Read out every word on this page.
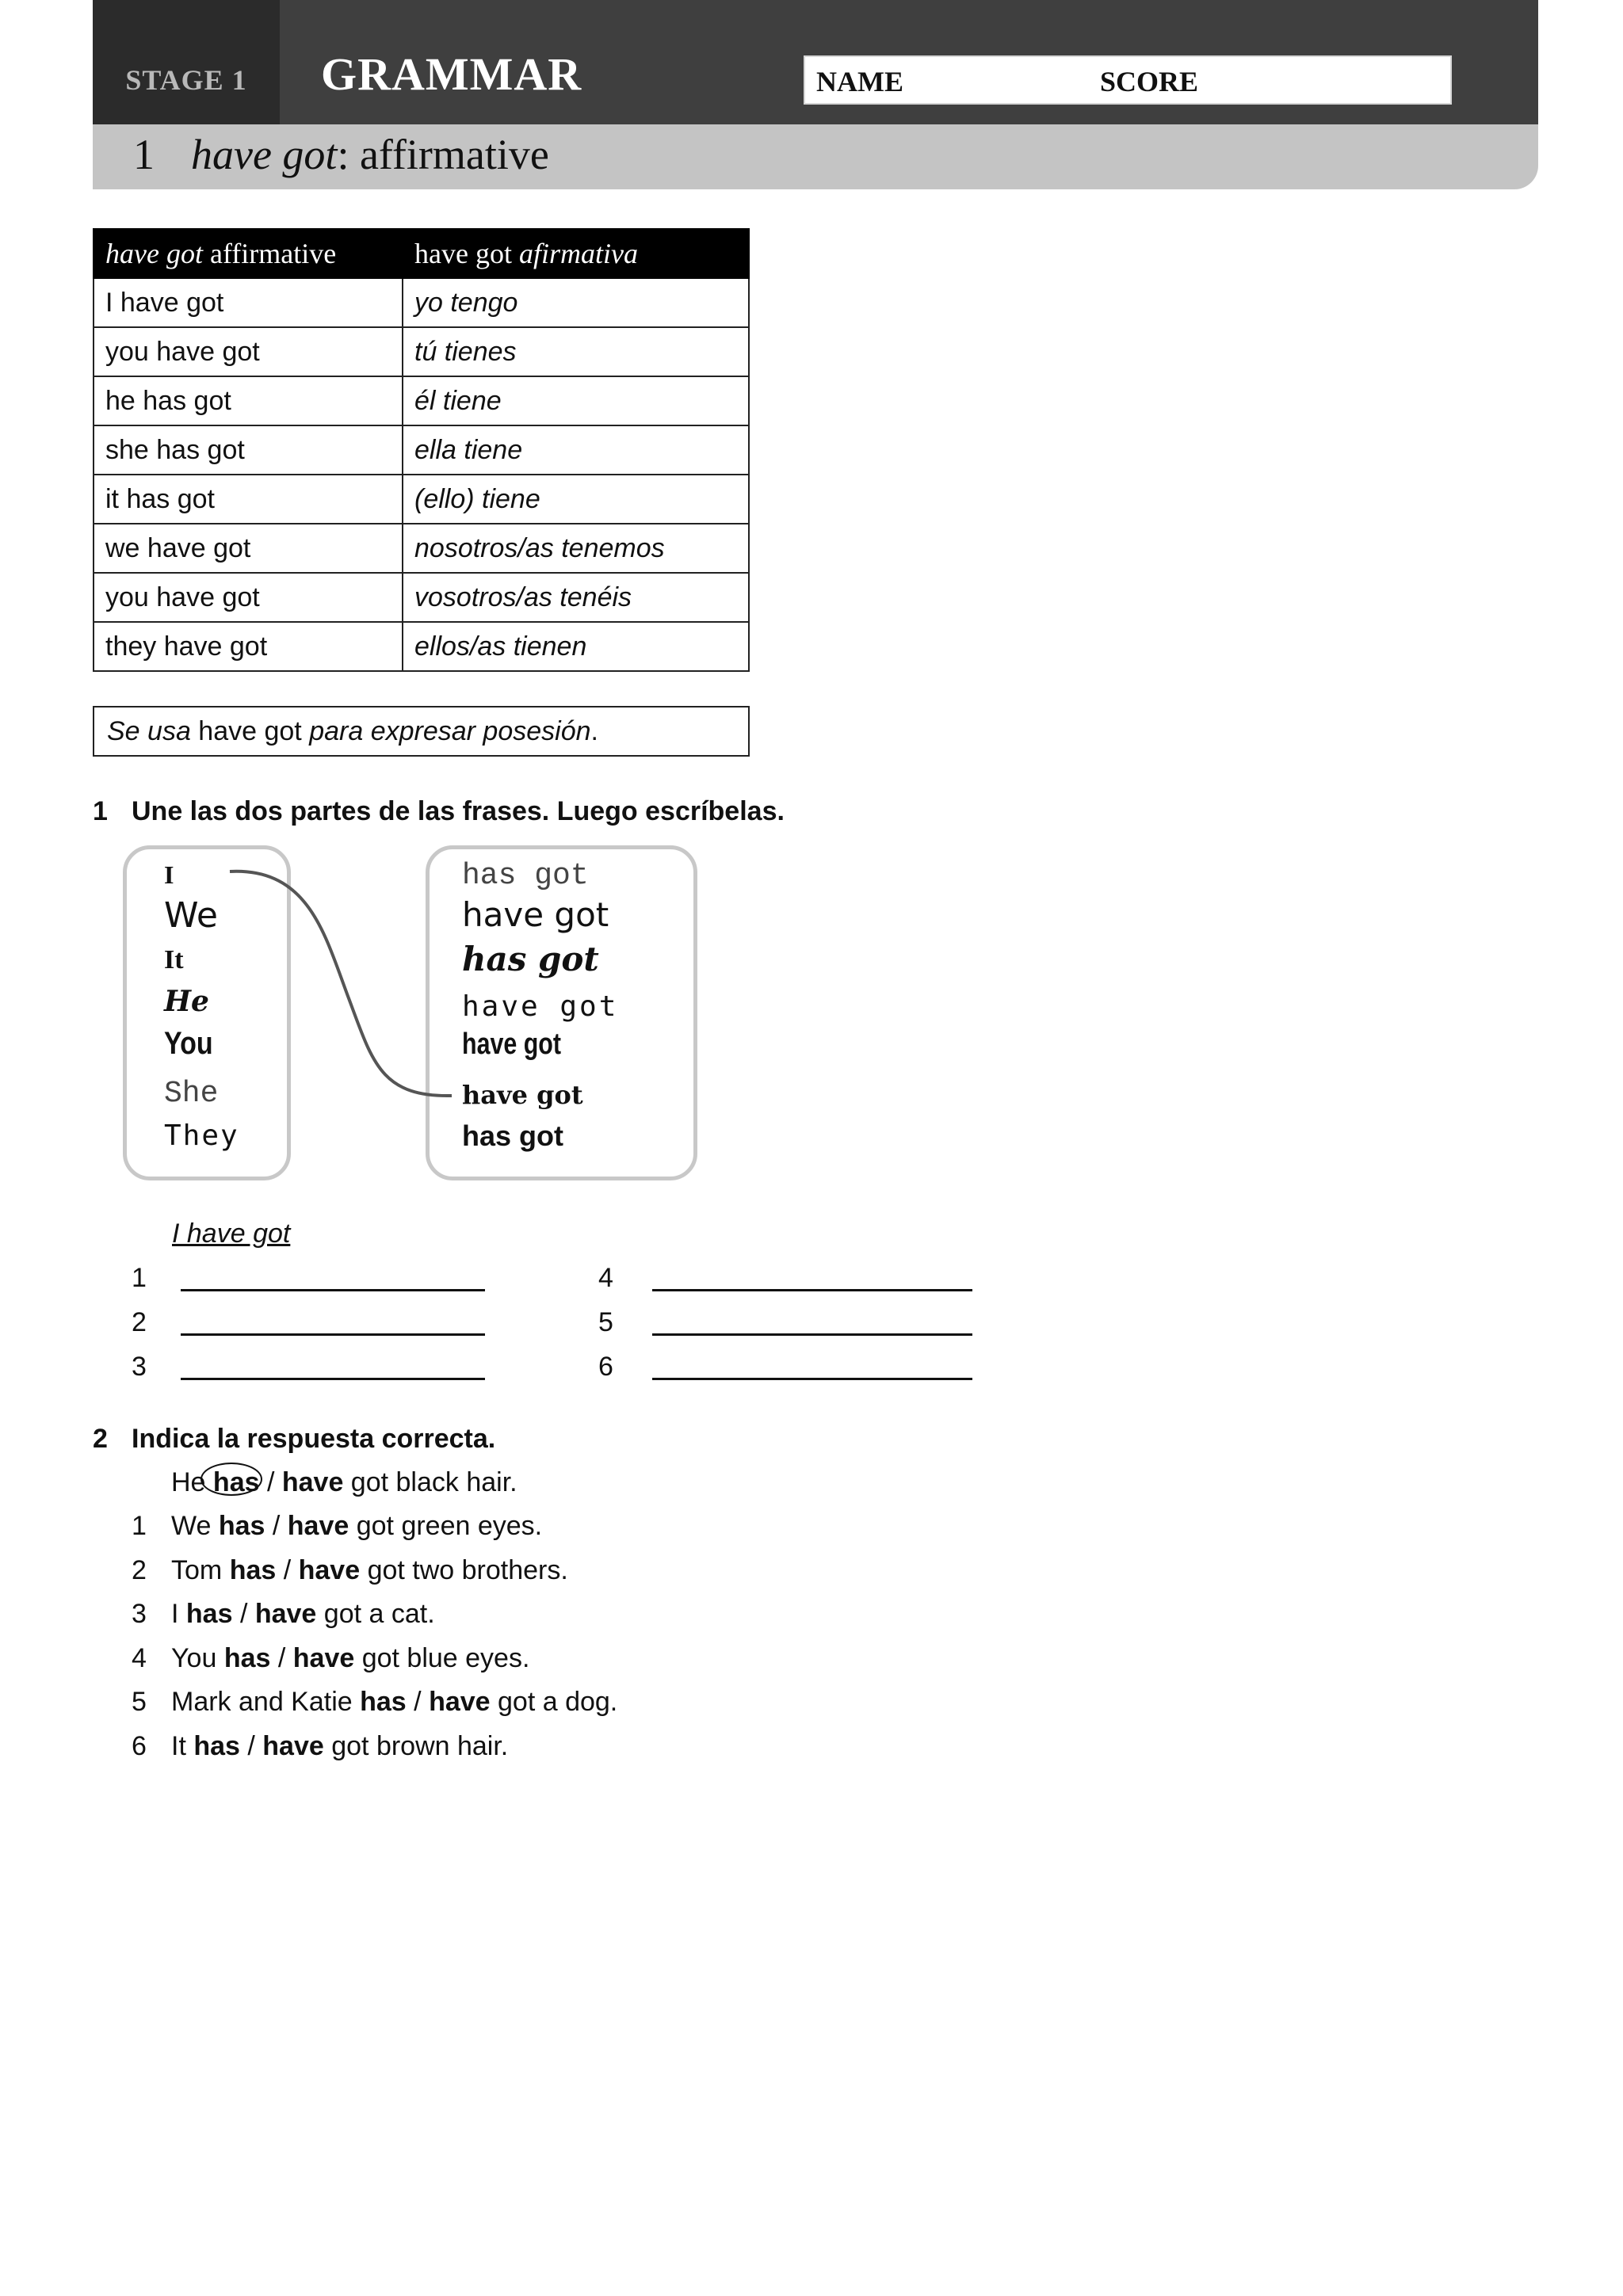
STAGE 1	GRAMMAR	NAME	SCORE
1 have got: affirmative
have got affirmative	have got afirmativa
I have got	yo tengo
you have got	tú tienes
he has got	él tiene
she has got	ella tiene
it has got	(ello) tiene
we have got	nosotros/as tenemos
you have got	vosotros/as tenéis
they have got	ellos/as tienen
Se usa have got para expresar posesión.
1 Une las dos partes de las frases. Luego escríbelas.
I
We
It
He
You
She
They
has got
have got
has got
have got
have got
have got
has got
I have got
1
2
3
4
5
6
2 Indica la respuesta correcta.
He has / have got black hair.
1 We has / have got green eyes.
2 Tom has / have got two brothers.
3 I has / have got a cat.
4 You has / have got blue eyes.
5 Mark and Katie has / have got a dog.
6 It has / have got brown hair.
